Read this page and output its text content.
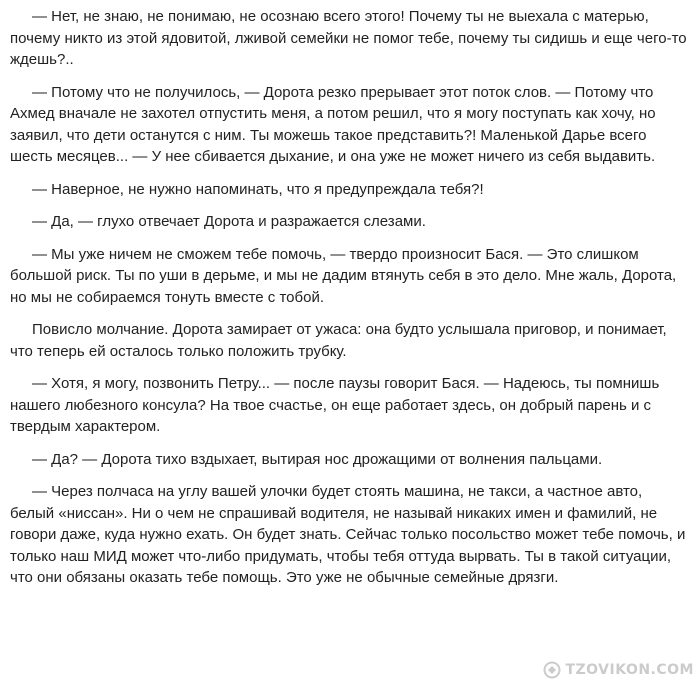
— Нет, не знаю, не понимаю, не осознаю всего этого! Почему ты не выехала с матерью, почему никто из этой ядовитой, лживой семейки не помог тебе, почему ты сидишь и еще чего-то ждешь?..

— Потому что не получилось, — Дорота резко прерывает этот поток слов. — Потому что Ахмед вначале не захотел отпустить меня, а потом решил, что я могу поступать как хочу, но заявил, что дети останутся с ним. Ты можешь такое представить?! Маленькой Дарье всего шесть месяцев... — У нее сбивается дыхание, и она уже не может ничего из себя выдавить.

— Наверное, не нужно напоминать, что я предупреждала тебя?!

— Да, — глухо отвечает Дорота и разражается слезами.

— Мы уже ничем не сможем тебе помочь, — твердо произносит Бася. — Это слишком большой риск. Ты по уши в дерьме, и мы не дадим втянуть себя в это дело. Мне жаль, Дорота, но мы не собираемся тонуть вместе с тобой.

Повисло молчание. Дорота замирает от ужаса: она будто услышала приговор, и понимает, что теперь ей осталось только положить трубку.

— Хотя, я могу, позвонить Петру... — после паузы говорит Бася. — Надеюсь, ты помнишь нашего любезного консула? На твое счастье, он еще работает здесь, он добрый парень и с твердым характером.

— Да? — Дорота тихо вздыхает, вытирая нос дрожащими от волнения пальцами.

— Через полчаса на углу вашей улочки будет стоять машина, не такси, а частное авто, белый «ниссан». Ни о чем не спрашивай водителя, не называй никаких имен и фамилий, не говори даже, куда нужно ехать. Он будет знать. Сейчас только посольство может тебе помочь, и только наш МИД может что-либо придумать, чтобы тебя оттуда вырвать. Ты в такой ситуации, что они обязаны оказать тебе помощь. Это уже не обычные семейные дрязги.

TZOVIKON.COM
